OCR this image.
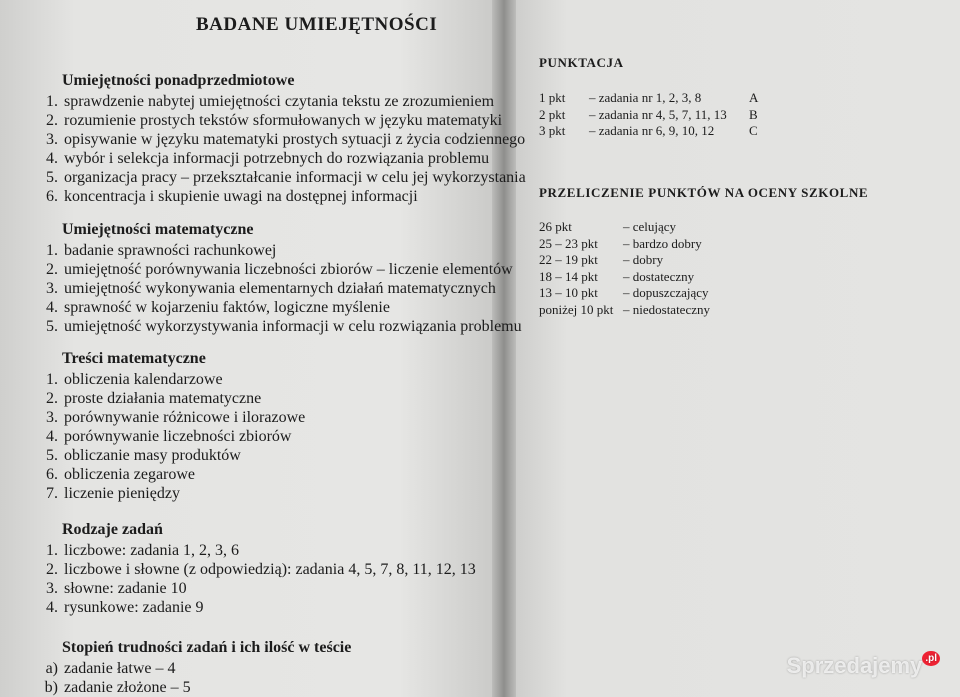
BADANE UMIEJĘTNOŚCI
Umiejętności ponadprzedmiotowe
1. sprawdzenie nabytej umiejętności czytania tekstu ze zrozumieniem
2. rozumienie prostych tekstów sformułowanych w języku matematyki
3. opisywanie w języku matematyki prostych sytuacji z życia codziennego
4. wybór i selekcja informacji potrzebnych do rozwiązania problemu
5. organizacja pracy – przekształcanie informacji w celu jej wykorzystania
6. koncentracja i skupienie uwagi na dostępnej informacji
Umiejętności matematyczne
1. badanie sprawności rachunkowej
2. umiejętność porównywania liczebności zbiorów – liczenie elementów
3. umiejętność wykonywania elementarnych działań matematycznych
4. sprawność w kojarzeniu faktów, logiczne myślenie
5. umiejętność wykorzystywania informacji w celu rozwiązania problemu
Treści matematyczne
1. obliczenia kalendarzowe
2. proste działania matematyczne
3. porównywanie różnicowe i ilorazowe
4. porównywanie liczebności zbiorów
5. obliczanie masy produktów
6. obliczenia zegarowe
7. liczenie pieniędzy
Rodzaje zadań
1. liczbowe: zadania 1, 2, 3, 6
2. liczbowe i słowne (z odpowiedzią): zadania 4, 5, 7, 8, 11, 12, 13
3. słowne: zadanie 10
4. rysunkowe: zadanie 9
Stopień trudności zadań i ich ilość w teście
a) zadanie łatwe – 4
b) zadanie złożone – 5
PUNKTACJA
1 pkt – zadania nr 1, 2, 3, 8	A
2 pkt – zadania nr 4, 5, 7, 11, 13 B
3 pkt – zadania nr 6, 9, 10, 12	C
PRZELICZENIE PUNKTÓW NA OCENY SZKOLNE
26 pkt	– celujący
25 – 23 pkt – bardzo dobry
22 – 19 pkt – dobry
18 – 14 pkt – dostateczny
13 – 10 pkt – dopuszczający
poniżej 10 pkt – niedostateczny
Sprzedajemy $^{.pl}$
